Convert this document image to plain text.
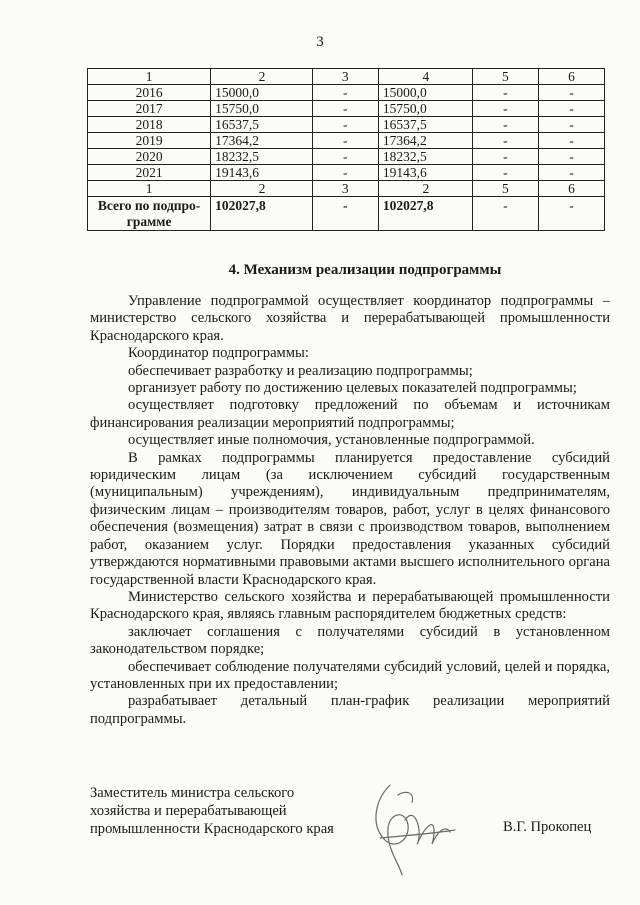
3
1	2	3	4	5	6
2016	15000,0	-	15000,0	-	-
2017	15750,0	-	15750,0	-	-
2018	16537,5	-	16537,5	-	-
2019	17364,2	-	17364,2	-	-
2020	18232,5	-	18232,5	-	-
2021	19143,6	-	19143,6	-	-
1	2	3	2	5	6

Всего по подпро-
грамме	102027,8	-	102027,8	-	-
4. Механизм реализации подпрограммы

Управление подпрограммой осуществляет координатор подпрограммы – министерство сельского хозяйства и перерабатывающей промышленности Краснодарского края.

Координатор подпрограммы:

обеспечивает разработку и реализацию подпрограммы;

организует работу по достижению целевых показателей подпрограммы;

осуществляет подготовку предложений по объемам и источникам финансирования реализации мероприятий подпрограммы;

осуществляет иные полномочия, установленные подпрограммой.

В рамках подпрограммы планируется предоставление субсидий юридическим лицам (за исключением субсидий государственным (муниципальным) учреждениям), индивидуальным предпринимателям, физическим лицам – производителям товаров, работ, услуг в целях финансового обеспечения (возмещения) затрат в связи с производством товаров, выполнением работ, оказанием услуг. Порядки предоставления указанных субсидий утверждаются нормативными правовыми актами высшего исполнительного органа государственной власти Краснодарского края.

Министерство сельского хозяйства и перерабатывающей промышленности Краснодарского края, являясь главным распорядителем бюджетных средств:

заключает соглашения с получателями субсидий в установленном законодательством порядке;

обеспечивает соблюдение получателями субсидий условий, целей и порядка, установленных при их предоставлении;

разрабатывает детальный план-график реализации мероприятий подпрограммы.

Заместитель министра сельского
хозяйства и перерабатывающей
промышленности Краснодарского края	В.Г. Прокопец
